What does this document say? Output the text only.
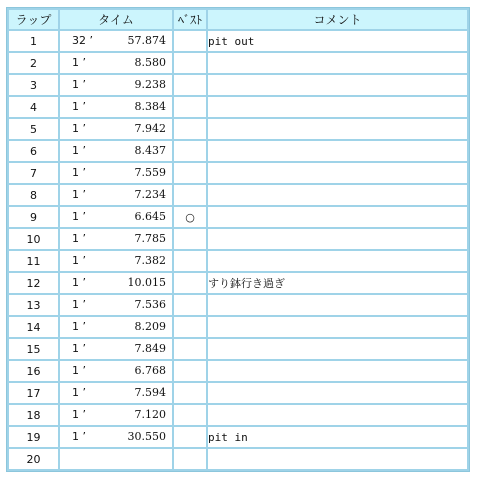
ラップ	タイム	ﾍﾞｽﾄ	コメント
1	32 ’ 57.874		pit out
2	1 ’ 8.580		

3	1 ’ 9.238		

4	1 ’ 8.384		

5	1 ’ 7.942		

6	1 ’ 8.437		

7	1 ’ 7.559		

8	1 ’ 7.234		

9	1 ’ 6.645	○	
10	1 ’ 7.785		

11	1 ’ 7.382		

12	1 ’ 10.015		すり鉢行き過ぎ
13	1 ’ 7.536		

14	1 ’ 8.209		

15	1 ’ 7.849		

16	1 ’ 6.768		

17	1 ’ 7.594		

18	1 ’ 7.120		

19	1 ’ 30.550		pit in
20	
